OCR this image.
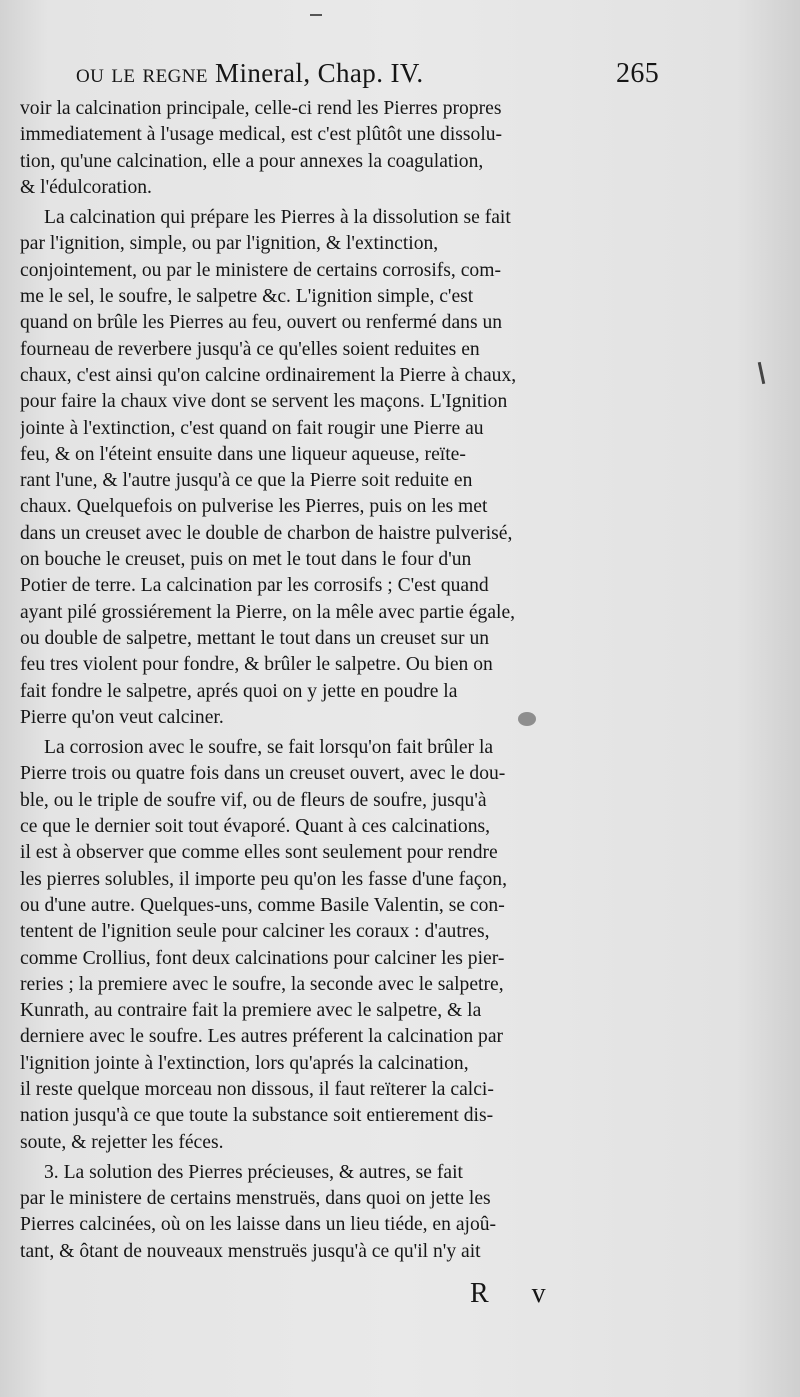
ou le regne Mineral, Chap. IV.	265
voir la calcination principale, celle-ci rend les Pierres propres
immediatement à l'usage medical, est c'est plûtôt une dissolu-
tion, qu'une calcination, elle a pour annexes la coagulation,
& l'édulcoration.
La calcination qui prépare les Pierres à la dissolution se fait
par l'ignition, simple, ou par l'ignition, & l'extinction,
conjointement, ou par le ministere de certains corrosifs, com-
me le sel, le soufre, le salpetre &c. L'ignition simple, c'est
quand on brûle les Pierres au feu, ouvert ou renfermé dans un
fourneau de reverbere jusqu'à ce qu'elles soient reduites en
chaux, c'est ainsi qu'on calcine ordinairement la Pierre à chaux,
pour faire la chaux vive dont se servent les maçons. L'Ignition
jointe à l'extinction, c'est quand on fait rougir une Pierre au
feu, & on l'éteint ensuite dans une liqueur aqueuse, reïte-
rant l'une, & l'autre jusqu'à ce que la Pierre soit reduite en
chaux. Quelquefois on pulverise les Pierres, puis on les met
dans un creuset avec le double de charbon de haistre pulverisé,
on bouche le creuset, puis on met le tout dans le four d'un
Potier de terre. La calcination par les corrosifs ; C'est quand
ayant pilé grossiérement la Pierre, on la mêle avec partie égale,
ou double de salpetre, mettant le tout dans un creuset sur un
feu tres violent pour fondre, & brûler le salpetre. Ou bien on
fait fondre le salpetre, aprés quoi on y jette en poudre la
Pierre qu'on veut calciner.
La corrosion avec le soufre, se fait lorsqu'on fait brûler la
Pierre trois ou quatre fois dans un creuset ouvert, avec le dou-
ble, ou le triple de soufre vif, ou de fleurs de soufre, jusqu'à
ce que le dernier soit tout évaporé. Quant à ces calcinations,
il est à observer que comme elles sont seulement pour rendre
les pierres solubles, il importe peu qu'on les fasse d'une façon,
ou d'une autre. Quelques-uns, comme Basile Valentin, se con-
tentent de l'ignition seule pour calciner les coraux : d'autres,
comme Crollius, font deux calcinations pour calciner les pier-
reries ; la premiere avec le soufre, la seconde avec le salpetre,
Kunrath, au contraire fait la premiere avec le salpetre, & la
derniere avec le soufre. Les autres préferent la calcination par
l'ignition jointe à l'extinction, lors qu'aprés la calcination,
il reste quelque morceau non dissous, il faut reïterer la calci-
nation jusqu'à ce que toute la substance soit entierement dis-
soute, & rejetter les féces.
3. La solution des Pierres précieuses, & autres, se fait
par le ministere de certains menstruës, dans quoi on jette les
Pierres calcinées, où on les laisse dans un lieu tiéde, en ajoû-
tant, & ôtant de nouveaux menstruës jusqu'à ce qu'il n'y ait
R v
